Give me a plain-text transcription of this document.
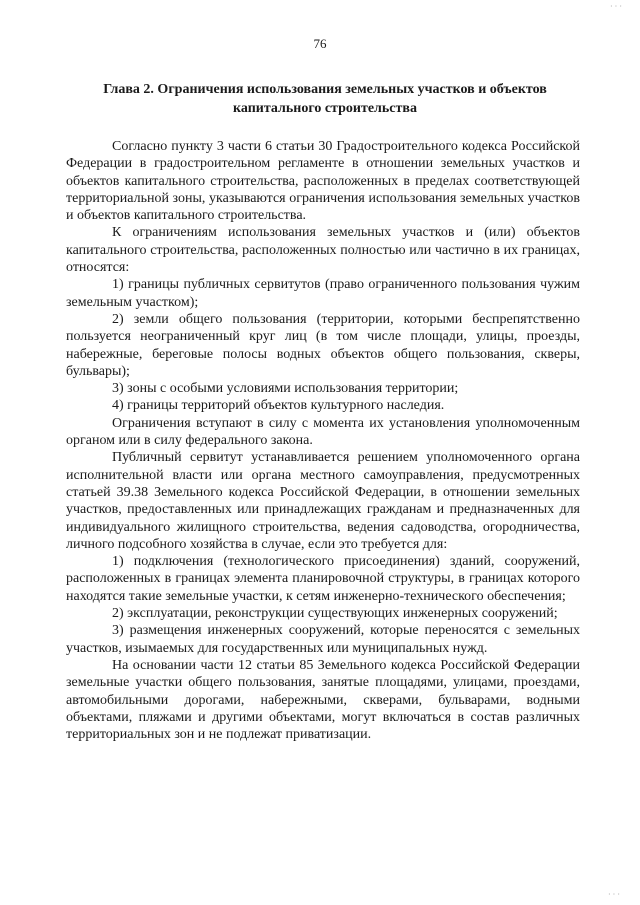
76
Глава 2. Ограничения использования земельных участков и объектов капитального строительства

Согласно пункту 3 части 6 статьи 30 Градостроительного кодекса Российской Федерации в градостроительном регламенте в отношении земельных участков и объектов капитального строительства, расположенных в пределах соответствующей территориальной зоны, указываются ограничения использования земельных участков и объектов капитального строительства.

К ограничениям использования земельных участков и (или) объектов капитального строительства, расположенных полностью или частично в их границах, относятся:

1) границы публичных сервитутов (право ограниченного пользования чужим земельным участком);

2) земли общего пользования (территории, которыми беспрепятственно пользуется неограниченный круг лиц (в том числе площади, улицы, проезды, набережные, береговые полосы водных объектов общего пользования, скверы, бульвары);

3) зоны с особыми условиями использования территории;

4) границы территорий объектов культурного наследия.

Ограничения вступают в силу с момента их установления уполномоченным органом или в силу федерального закона.

Публичный сервитут устанавливается решением уполномоченного органа исполнительной власти или органа местного самоуправления, предусмотренных статьей 39.38 Земельного кодекса Российской Федерации, в отношении земельных участков, предоставленных или принадлежащих гражданам и предназначенных для индивидуального жилищного строительства, ведения садоводства, огородничества, личного подсобного хозяйства в случае, если это требуется для:

1) подключения (технологического присоединения) зданий, сооружений, расположенных в границах элемента планировочной структуры, в границах которого находятся такие земельные участки, к сетям инженерно-технического обеспечения;

2) эксплуатации, реконструкции существующих инженерных сооружений;

3) размещения инженерных сооружений, которые переносятся с земельных участков, изымаемых для государственных или муниципальных нужд.

На основании части 12 статьи 85 Земельного кодекса Российской Федерации земельные участки общего пользования, занятые площадями, улицами, проездами, автомобильными дорогами, набережными, скверами, бульварами, водными объектами, пляжами и другими объектами, могут включаться в состав различных территориальных зон и не подлежат приватизации.

· · ·
· · ·
